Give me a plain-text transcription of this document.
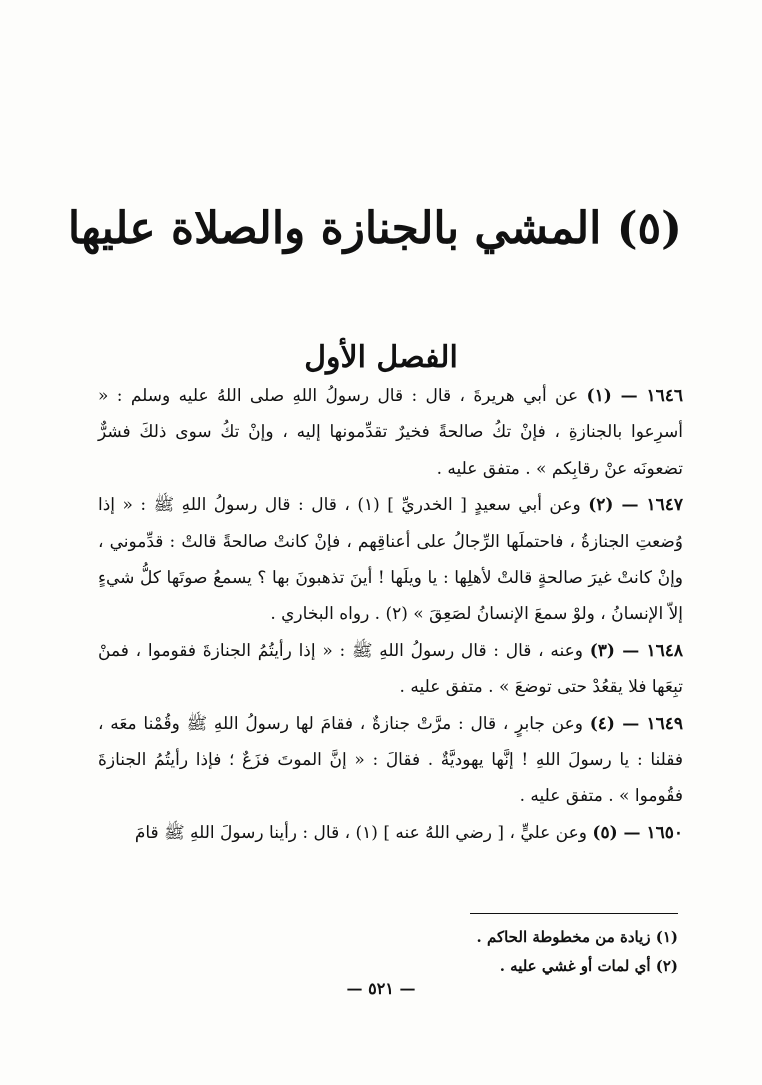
(٥) المشي بالجنازة والصلاة عليها
الفصل الأول

١٦٤٦ — (١) عن أبي هريرةَ ، قال : قال رسولُ اللهِ صلى اللهُ عليه وسلم : « أسرِعوا بالجنازةِ ، فإنْ تكُ صالحةً فخيرٌ تقدِّمونها إليه ، وإنْ تكُ سوى ذلكَ فشرٌّ تضعونَه عنْ رقابِكم » . متفق عليه .

١٦٤٧ — (٢) وعن أبي سعيدٍ [ الخدريِّ ] (١) ، قال : قال رسولُ اللهِ ﷺ : « إذا وُضعتِ الجنازةُ ، فاحتملَها الرِّجالُ على أعناقِهم ، فإنْ كانتْ صالحةً قالتْ : قدِّموني ، وإنْ كانتْ غيرَ صالحةٍ قالتْ لأهلِها : يا ويلَها ! أينَ تذهبونَ بها ؟ يسمعُ صوتَها كلُّ شيءٍ إلاّ الإنسانُ ، ولوْ سمعَ الإنسانُ لصَعِقَ » (٢) . رواه البخاري .

١٦٤٨ — (٣) وعنه ، قال : قال رسولُ اللهِ ﷺ : « إذا رأيتُمُ الجنازةَ فقوموا ، فمنْ تبِعَها فلا يقعُدْ حتى توضعَ » . متفق عليه .

١٦٤٩ — (٤) وعن جابرٍ ، قال : مرَّتْ جنازةٌ ، فقامَ لها رسولُ اللهِ ﷺ وقُمْنا معَه ، فقلنا : يا رسولَ اللهِ ! إنَّها يهوديَّةٌ . فقالَ : « إنَّ الموتَ فزَعٌ ؛ فإذا رأيتُمُ الجنازةَ فقُوموا » . متفق عليه .

١٦٥٠ — (٥) وعن عليٍّ ، [ رضي اللهُ عنه ] (١) ، قال : رأينا رسولَ اللهِ ﷺ قامَ

(١) زيادة من مخطوطة الحاكم .

(٢) أي لمات أو غشي عليه .

— ٥٢١ —
